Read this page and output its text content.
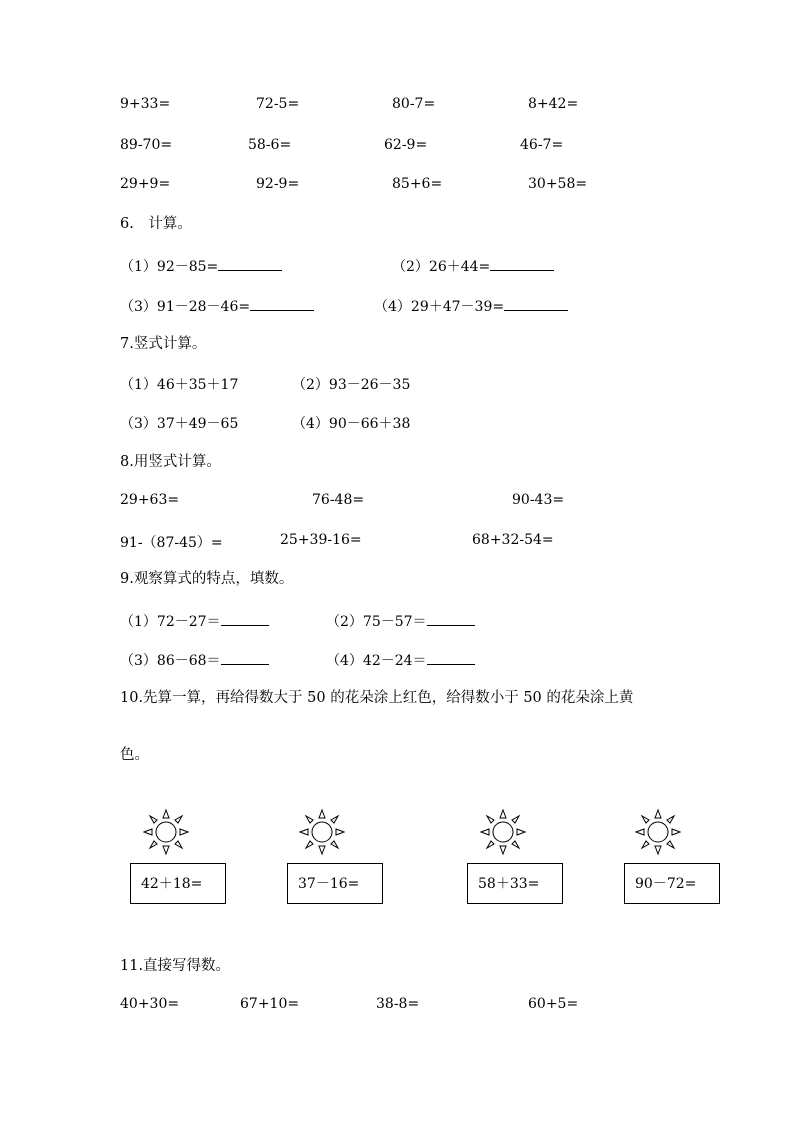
9+33=	72-5=	80-7=	8+42=
89-70=	58-6=	62-9=	46-7=
29+9=	92-9=	85+6=	30+58=
6.　计算。
（1）92－85=	（2）26＋44=
（3）91－28－46=	（4）29＋47－39=
7.竖式计算。
（1）46＋35＋17	（2）93－26－35
（3）37＋49－65	（4）90－66＋38
8.用竖式计算。
29+63=	76-48=	90-43=
91-（87-45）=	25+39-16=	68+32-54=
9.观察算式的特点，填数。
（1）72－27＝	（2）75－57＝
（3）86－68＝	（4）42－24＝
10.先算一算，再给得数大于 50 的花朵涂上红色，给得数小于 50 的花朵涂上黄
色。
42＋18=	37－16=	58＋33=	90－72=
11.直接写得数。
40+30=	67+10=	38-8=	60+5=
